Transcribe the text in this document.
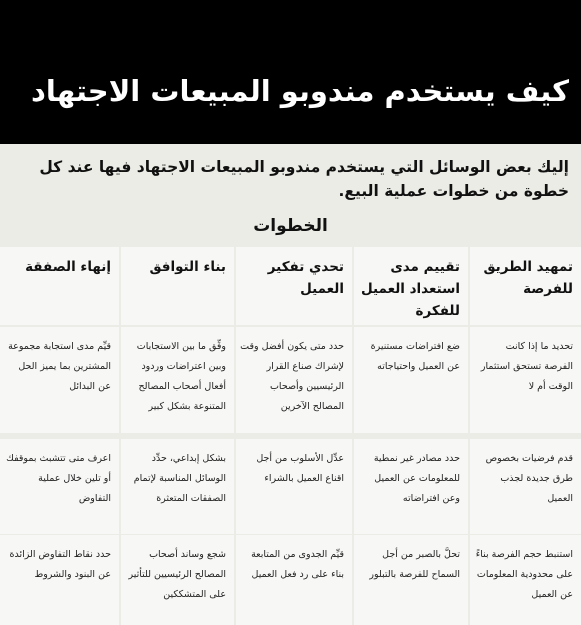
كيف يستخدم مندوبو المبيعات الاجتهاد

إليك بعض الوسائل التي يستخدم مندوبو المبيعات الاجتهاد فيها عند كل خطوة من خطوات عملية البيع.

الخطوات
تمهيد الطريق للفرصة
تحديد ما إذا كانت الفرصة تستحق استثمار الوقت أم لا
قدم فرضيات بخصوص طرق جديدة لجذب العميل
استنبط حجم الفرصة بناءً على محدودية المعلومات عن العميل
تقييم مدى استعداد العميل للفكرة
ضع افتراضات مستنيرة عن العميل واحتياجاته
حدد مصادر غير نمطية للمعلومات عن العميل وعن افتراضاته
تحلَّ بالصبر من أجل السماح للفرصة بالتبلور
تحدي تفكير العميل
حدد متى يكون أفضل وقت لإشراك صناع القرار الرئيسيين وأصحاب المصالح الآخرين
عدِّل الأسلوب من أجل اقناع العميل بالشراء
قيِّم الجدوى من المتابعة بناء على رد فعل العميل
بناء التوافق
وفِّق ما بين الاستجابات وبين اعتراضات وردود أفعال أصحاب المصالح المتنوعة بشكل كبير
بشكل إبداعي، حدِّد الوسائل المناسبة لإتمام الصفقات المتعثرة
شجع وساند أصحاب المصالح الرئيسيين للتأثير على المتشككين
إنهاء الصفقة
قيِّم مدى استجابة مجموعة المشترين بما يميز الحل عن البدائل
اعرف متى تتشبث بموقفك أو تلين خلال عملية التفاوض
حدد نقاط التفاوض الزائدة عن البنود والشروط
